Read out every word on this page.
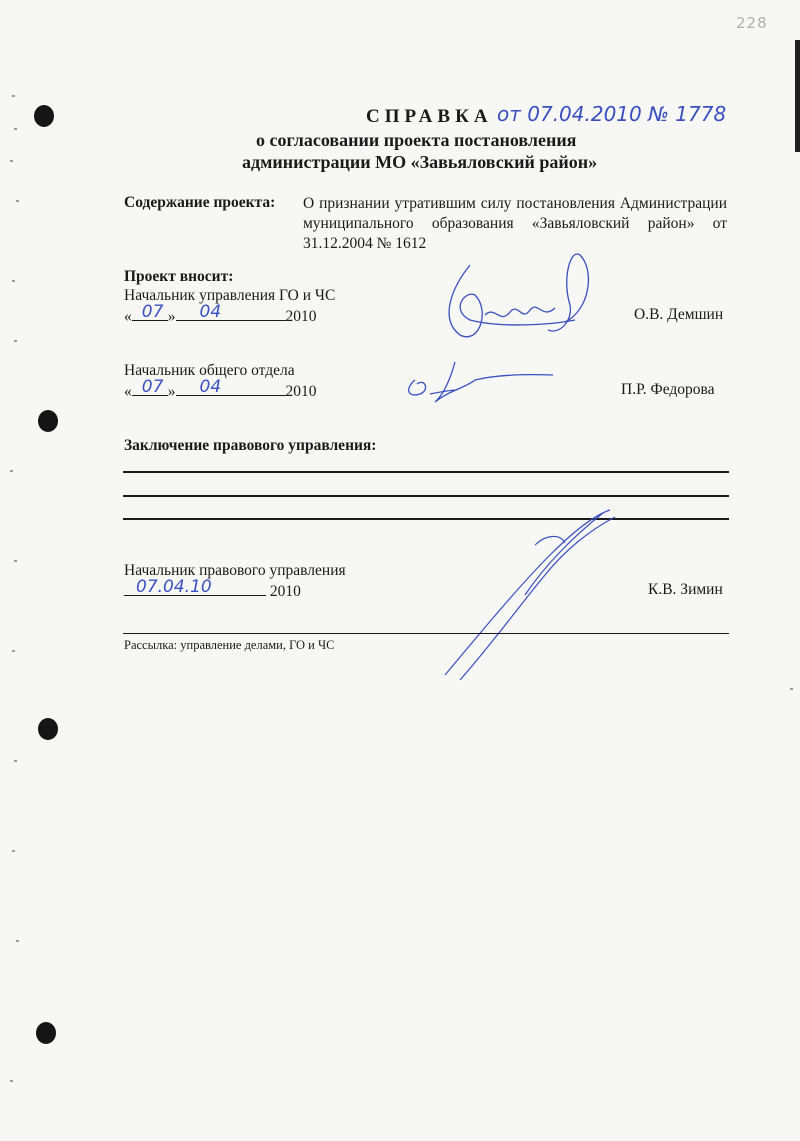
228
СПРАВКА от 07.04.2010 № 1778
о согласовании проекта постановления
администрации МО «Завьяловский район»
Содержание проекта: О признании утратившим силу постановления Администрации муниципального образования «Завьяловский район» от 31.12.2004 № 1612
Проект вносит:
Начальник управления ГО и ЧС
« 07 » 04	2010	О.В. Демшин
Начальник общего отдела
« 07 » 04	2010	П.Р. Федорова
Заключение правового управления:
Начальник правового управления
07.04.10	2010	К.В. Зимин
Рассылка: управление делами, ГО и ЧС
